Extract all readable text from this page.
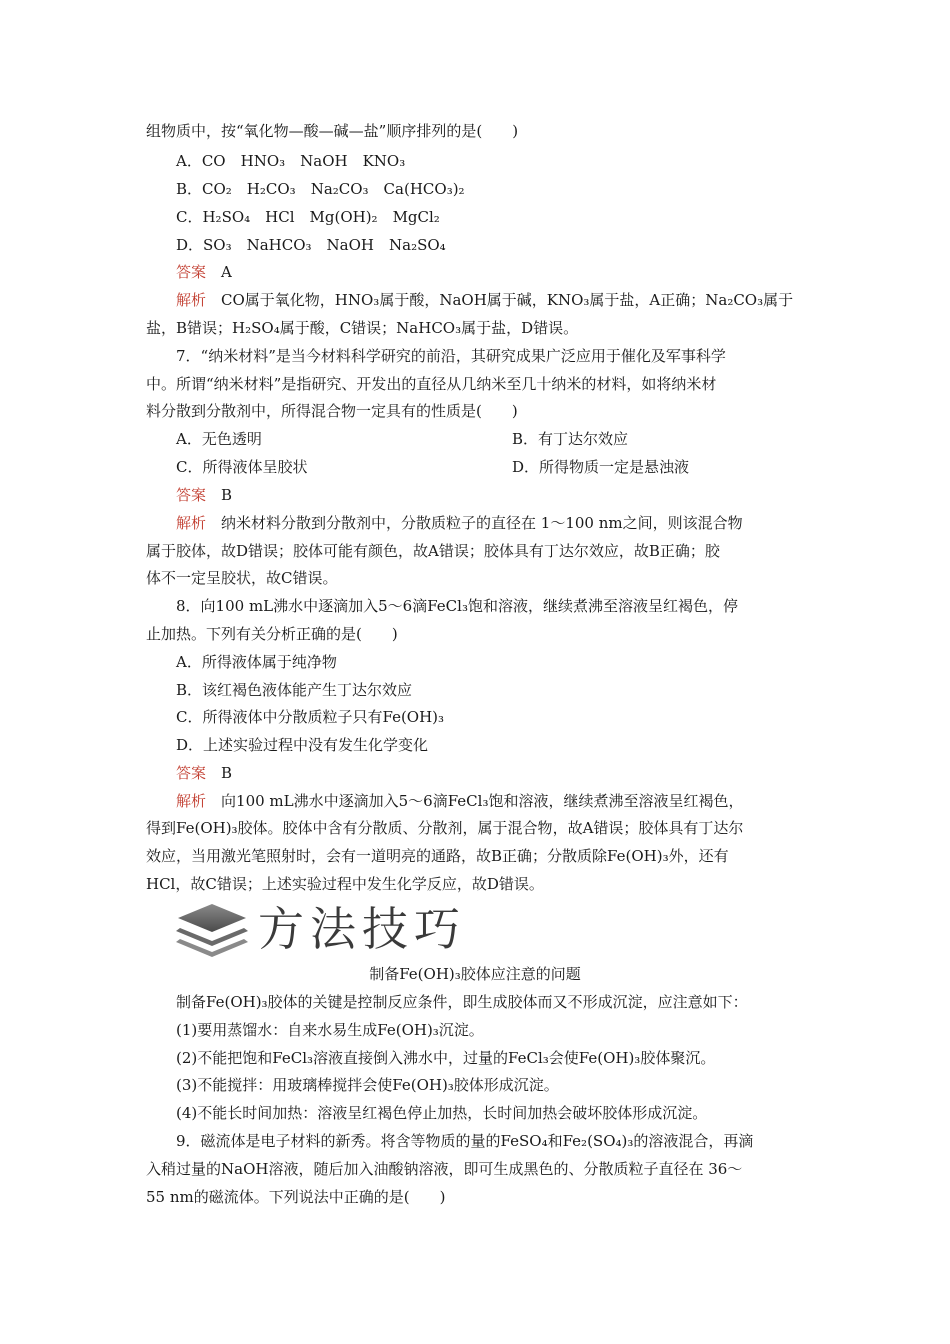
组物质中，按“氧化物—酸—碱—盐”顺序排列的是(　　)
A．CO　HNO₃　NaOH　KNO₃
B．CO₂　H₂CO₃　Na₂CO₃　Ca(HCO₃)₂
C．H₂SO₄　HCl　Mg(OH)₂　MgCl₂
D．SO₃　NaHCO₃　NaOH　Na₂SO₄
答案　 A
解析　 CO属于氧化物，HNO₃属于酸，NaOH属于碱，KNO₃属于盐，A正确；Na₂CO₃属于
盐，B错误；H₂SO₄属于酸，C错误；NaHCO₃属于盐，D错误。
7．“纳米材料”是当今材料科学研究的前沿，其研究成果广泛应用于催化及军事科学
中。所谓“纳米材料”是指研究、开发出的直径从几纳米至几十纳米的材料，如将纳米材
料分散到分散剂中，所得混合物一定具有的性质是(　　)
A．无色透明	B．有丁达尔效应
C．所得液体呈胶状	D．所得物质一定是悬浊液
答案　 B
解析　 纳米材料分散到分散剂中，分散质粒子的直径在 1～100 nm之间，则该混合物
属于胶体，故D错误；胶体可能有颜色，故A错误；胶体具有丁达尔效应，故B正确；胶
体不一定呈胶状，故C错误。
8．向100 mL沸水中逐滴加入5～6滴FeCl₃饱和溶液，继续煮沸至溶液呈红褐色，停
止加热。下列有关分析正确的是(　　)
A．所得液体属于纯净物
B．该红褐色液体能产生丁达尔效应
C．所得液体中分散质粒子只有Fe(OH)₃
D．上述实验过程中没有发生化学变化
答案　 B
解析　 向100 mL沸水中逐滴加入5～6滴FeCl₃饱和溶液，继续煮沸至溶液呈红褐色，
得到Fe(OH)₃胶体。胶体中含有分散质、分散剂，属于混合物，故A错误；胶体具有丁达尔
效应，当用激光笔照射时，会有一道明亮的通路，故B正确；分散质除Fe(OH)₃外，还有
HCl，故C错误；上述实验过程中发生化学反应，故D错误。
方法技巧
制备Fe(OH)₃胶体应注意的问题
制备Fe(OH)₃胶体的关键是控制反应条件，即生成胶体而又不形成沉淀，应注意如下：
(1)要用蒸馏水：自来水易生成Fe(OH)₃沉淀。
(2)不能把饱和FeCl₃溶液直接倒入沸水中，过量的FeCl₃会使Fe(OH)₃胶体聚沉。
(3)不能搅拌：用玻璃棒搅拌会使Fe(OH)₃胶体形成沉淀。
(4)不能长时间加热：溶液呈红褐色停止加热，长时间加热会破坏胶体形成沉淀。
9．磁流体是电子材料的新秀。将含等物质的量的FeSO₄和Fe₂(SO₄)₃的溶液混合，再滴
入稍过量的NaOH溶液，随后加入油酸钠溶液，即可生成黑色的、分散质粒子直径在 36～
55 nm的磁流体。下列说法中正确的是(　　)
